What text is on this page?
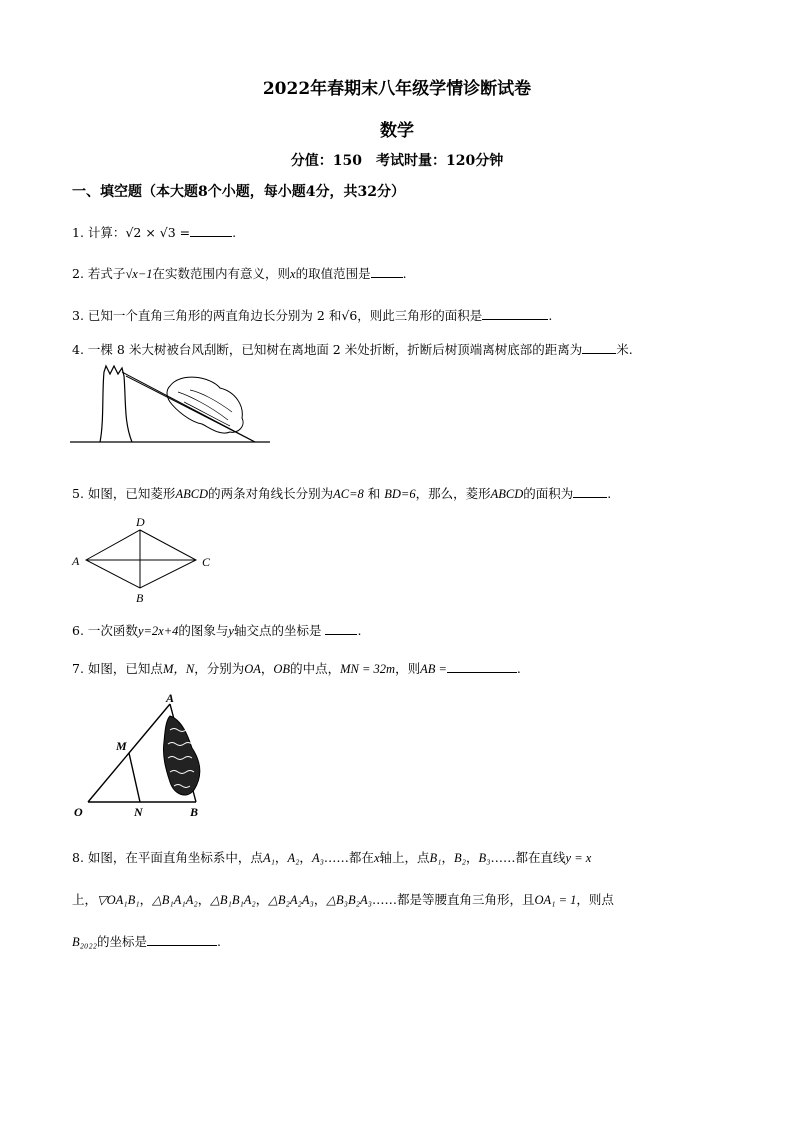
2022年春期末八年级学情诊断试卷
数学
分值：150　考试时量：120分钟
一、填空题（本大题8个小题，每小题4分，共32分）
1. 计算：√2 × √3 =	.
2. 若式子√x−1在实数范围内有意义，则x的取值范围是	.
3. 已知一个直角三角形的两直角边长分别为 2 和√6，则此三角形的面积是	.
4. 一棵 8 米大树被台风刮断，已知树在离地面 2 米处折断，折断后树顶端离树底部的距离为	米.
5. 如图，已知菱形ABCD的两条对角线长分别为AC=8 和 BD=6，那么，菱形ABCD的面积为	.
A	C
D
B
6. 一次函数y=2x+4的图象与y轴交点的坐标是	.
7. 如图，已知点M，N，分别为OA，OB的中点，MN = 32m，则AB =	.
A
M
O	N	B
8. 如图，在平面直角坐标系中，点A₁，A₂，A₃……都在x轴上，点B₁，B₂，B₃……都在直线y = x
上，▽OA₁B₁，△B₁A₁A₂，△B₁B₁A₂，△B₂A₂A₃，△B₃B₂A₃……都是等腰直角三角形，且OA₁ = 1，则点
B₂₀₂₂的坐标是	.
